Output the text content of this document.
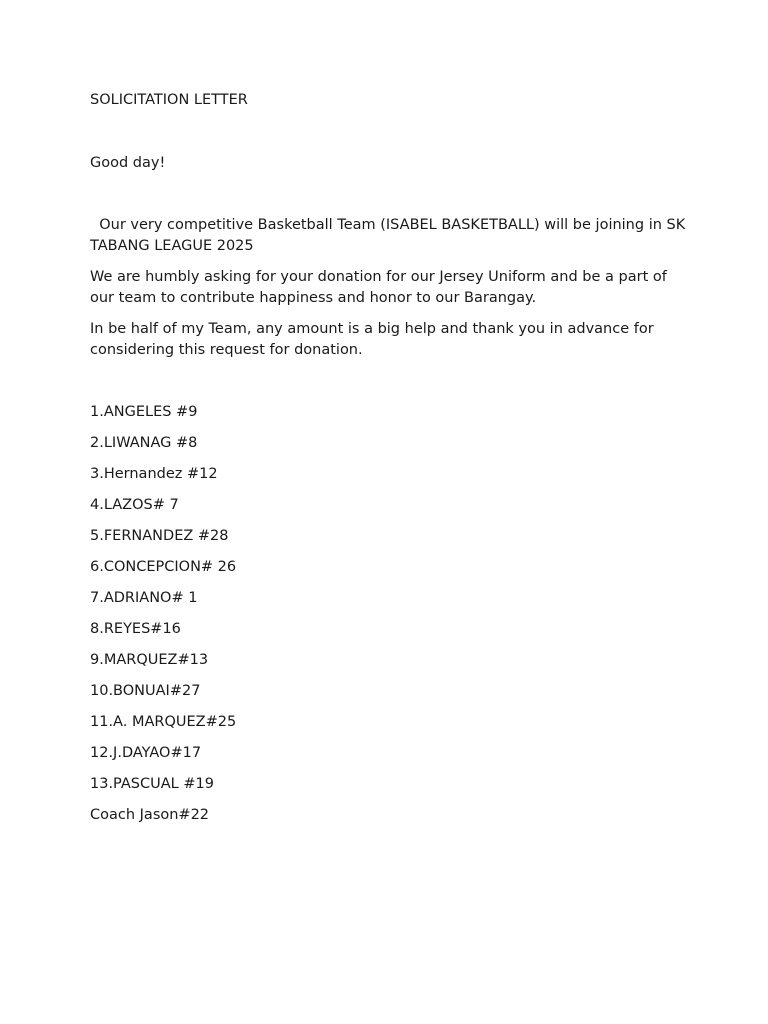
SOLICITATION LETTER

Good day!

Our very competitive Basketball Team (ISABEL BASKETBALL) will be joining in SK TABANG LEAGUE 2025

We are humbly asking for your donation for our Jersey Uniform and be a part of our team to contribute happiness and honor to our Barangay.

In be half of my Team, any amount is a big help and thank you in advance for considering this request for donation.

1.ANGELES #9
2.LIWANAG #8
3.Hernandez #12
4.LAZOS# 7
5.FERNANDEZ #28
6.CONCEPCION# 26
7.ADRIANO# 1
8.REYES#16
9.MARQUEZ#13
10.BONUAI#27
11.A. MARQUEZ#25
12.J.DAYAO#17
13.PASCUAL #19

Coach Jason#22
